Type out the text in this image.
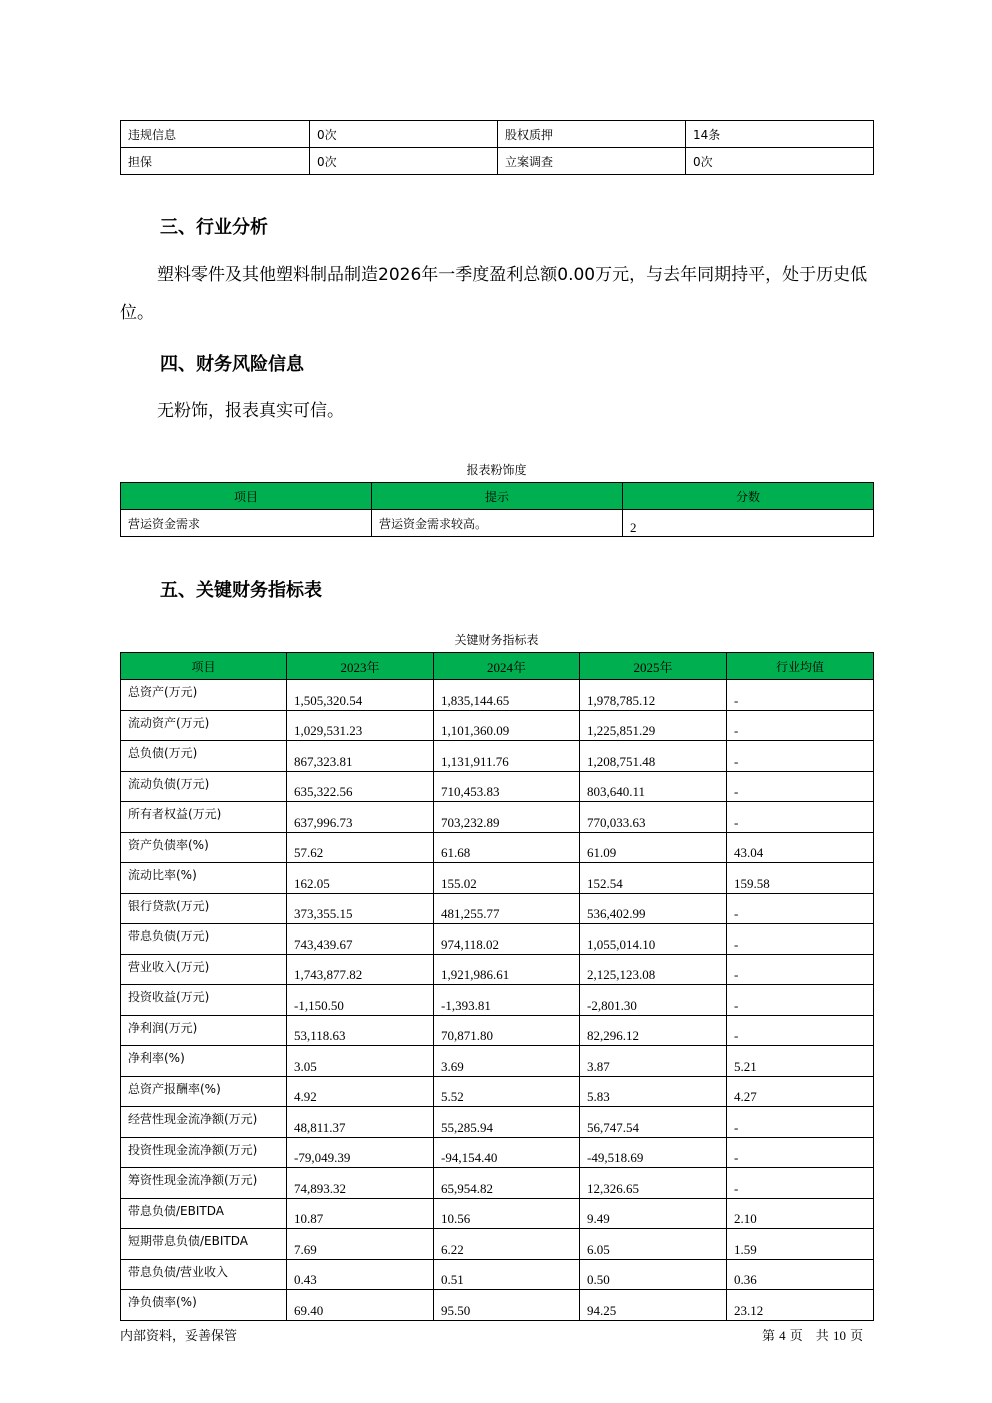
违规信息	0次	股权质押	14条
担保	0次	立案调查	0次
三、行业分析
塑料零件及其他塑料制品制造2026年一季度盈利总额0.00万元，与去年同期持平，处于历史低位。
四、财务风险信息
无粉饰，报表真实可信。
报表粉饰度
项目	提示	分数
营运资金需求	营运资金需求较高。	2
五、关键财务指标表
关键财务指标表
项目	2023年	2024年	2025年	行业均值
总资产(万元)	1,505,320.54	1,835,144.65	1,978,785.12	-
流动资产(万元)	1,029,531.23	1,101,360.09	1,225,851.29	-
总负债(万元)	867,323.81	1,131,911.76	1,208,751.48	-
流动负债(万元)	635,322.56	710,453.83	803,640.11	-
所有者权益(万元)	637,996.73	703,232.89	770,033.63	-
资产负债率(%)	57.62	61.68	61.09	43.04
流动比率(%)	162.05	155.02	152.54	159.58
银行贷款(万元)	373,355.15	481,255.77	536,402.99	-
带息负债(万元)	743,439.67	974,118.02	1,055,014.10	-
营业收入(万元)	1,743,877.82	1,921,986.61	2,125,123.08	-
投资收益(万元)	-1,150.50	-1,393.81	-2,801.30	-
净利润(万元)	53,118.63	70,871.80	82,296.12	-
净利率(%)	3.05	3.69	3.87	5.21
总资产报酬率(%)	4.92	5.52	5.83	4.27
经营性现金流净额(万元)	48,811.37	55,285.94	56,747.54	-
投资性现金流净额(万元)	-79,049.39	-94,154.40	-49,518.69	-
筹资性现金流净额(万元)	74,893.32	65,954.82	12,326.65	-
带息负债/EBITDA	10.87	10.56	9.49	2.10
短期带息负债/EBITDA	7.69	6.22	6.05	1.59
带息负债/营业收入	0.43	0.51	0.50	0.36
净负债率(%)	69.40	95.50	94.25	23.12
内部资料，妥善保管	第 4 页　共 10 页
